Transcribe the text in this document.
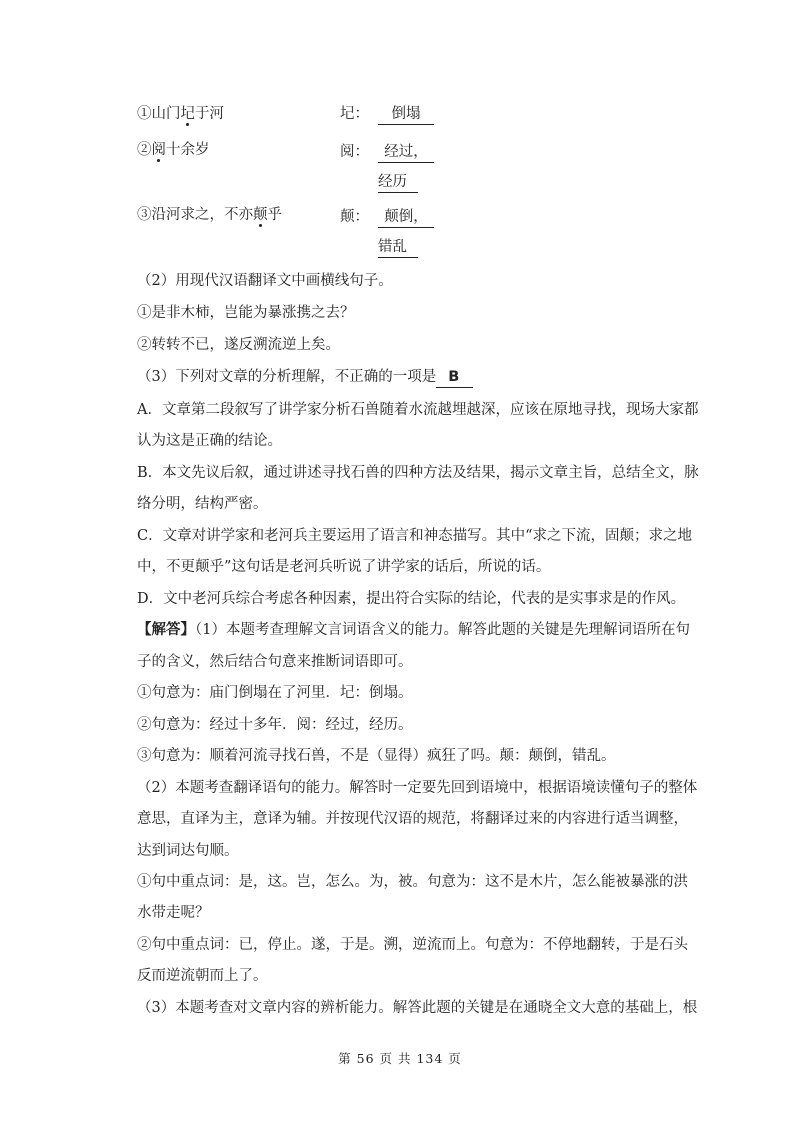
①山门圮于河	圮：	倒塌
②阅十余岁	阅：	经过，
经历
③沿河求之，不亦颠乎	颠：	颠倒，
错乱
（2）用现代汉语翻译文中画横线句子。
①是非木柿，岂能为暴涨携之去？
②转转不已，遂反溯流逆上矣。
（3）下列对文章的分析理解，不正确的一项是 B
A．文章第二段叙写了讲学家分析石兽随着水流越埋越深，应该在原地寻找，现场大家都
认为这是正确的结论。
B．本文先议后叙，通过讲述寻找石兽的四种方法及结果，揭示文章主旨，总结全文，脉
络分明，结构严密。
C．文章对讲学家和老河兵主要运用了语言和神态描写。其中“求之下流，固颠；求之地
中，不更颠乎”这句话是老河兵听说了讲学家的话后，所说的话。
D．文中老河兵综合考虑各种因素，提出符合实际的结论，代表的是实事求是的作风。
【解答】（1）本题考查理解文言词语含义的能力。解答此题的关键是先理解词语所在句
子的含义，然后结合句意来推断词语即可。
①句意为：庙门倒塌在了河里．圮：倒塌。
②句意为：经过十多年．阅：经过，经历。
③句意为：顺着河流寻找石兽，不是（显得）疯狂了吗。颠：颠倒，错乱。
（2）本题考查翻译语句的能力。解答时一定要先回到语境中，根据语境读懂句子的整体
意思，直译为主，意译为辅。并按现代汉语的规范，将翻译过来的内容进行适当调整，
达到词达句顺。
①句中重点词：是，这。岂，怎么。为，被。句意为：这不是木片，怎么能被暴涨的洪
水带走呢？
②句中重点词：已，停止。遂，于是。溯，逆流而上。句意为：不停地翻转，于是石头
反而逆流朝而上了。
（3）本题考查对文章内容的辨析能力。解答此题的关键是在通晓全文大意的基础上，根
第 56 页 共 134 页
